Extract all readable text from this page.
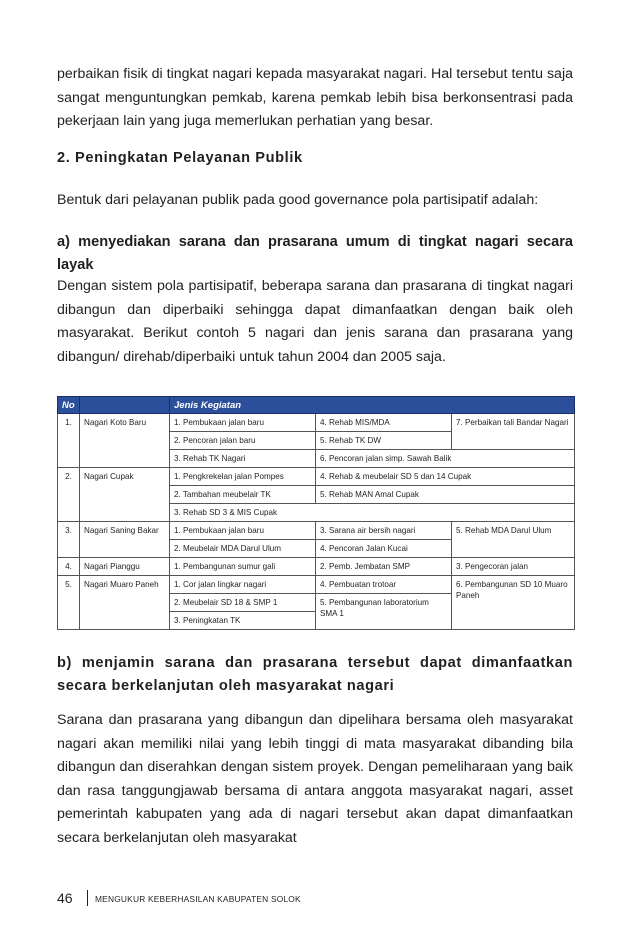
perbaikan fisik di tingkat nagari kepada masyarakat nagari. Hal tersebut tentu saja sangat menguntungkan pemkab, karena pemkab lebih bisa berkonsentrasi pada pekerjaan lain yang juga memerlukan perhatian yang besar.

2. Peningkatan Pelayanan Publik

Bentuk dari pelayanan publik pada good governance pola partisipatif adalah:

a) menyediakan sarana dan prasarana umum di tingkat nagari secara layak

Dengan sistem pola partisipatif, beberapa sarana dan prasarana di tingkat nagari dibangun dan diperbaiki sehingga dapat dimanfaatkan dengan baik oleh masyarakat. Berikut contoh 5 nagari dan jenis sarana dan prasarana yang dibangun/ direhab/diperbaiki untuk tahun 2004 dan 2005 saja.

No		Jenis Kegiatan		
1.	Nagari Koto Baru	1. Pembukaan jalan baru	4. Rehab MIS/MDA	7. Perbaikan tali Bandar Nagari
		2. Pencoran jalan baru	5. Rehab TK DW	
		3. Rehab TK Nagari	6. Pencoran jalan simp. Sawah Balik	
2.	Nagari Cupak	1. Pengkrekelan jalan Pompes	4. Rehab & meubelair SD 5 dan 14 Cupak	
		2. Tambahan meubelair TK	5. Rehab MAN Amal Cupak	
		3. Rehab SD 3 & MIS Cupak		
3.	Nagari Saning Bakar	1. Pembukaan jalan baru	3. Sarana air bersih nagari	5. Rehab MDA Darul Ulum
		2. Meubelair MDA Darul Ulum	4. Pencoran Jalan Kucai	
4.	Nagari Pianggu	1. Pembangunan sumur gali	2. Pemb. Jembatan SMP	3. Pengecoran jalan
5.	Nagari Muaro Paneh	1. Cor jalan lingkar nagari	4. Pembuatan trotoar	6. Pembangunan SD 10 Muaro Paneh
		2. Meubelair SD 18 & SMP 1	5. Pembangunan laboratorium SMA 1	
		3. Peningkatan TK		

b) menjamin sarana dan prasarana tersebut dapat dimanfaatkan secara berkelanjutan oleh masyarakat nagari

Sarana dan prasarana yang dibangun dan dipelihara bersama oleh masyarakat nagari akan memiliki nilai yang lebih tinggi di mata masyarakat dibanding bila dibangun dan diserahkan dengan sistem proyek. Dengan pemeliharaan yang baik dan rasa tanggungjawab bersama di antara anggota masyarakat nagari, asset pemerintah kabupaten yang ada di nagari tersebut akan dapat dimanfaatkan secara berkelanjutan oleh masyarakat

46	MENGUKUR KEBERHASILAN KABUPATEN SOLOK
